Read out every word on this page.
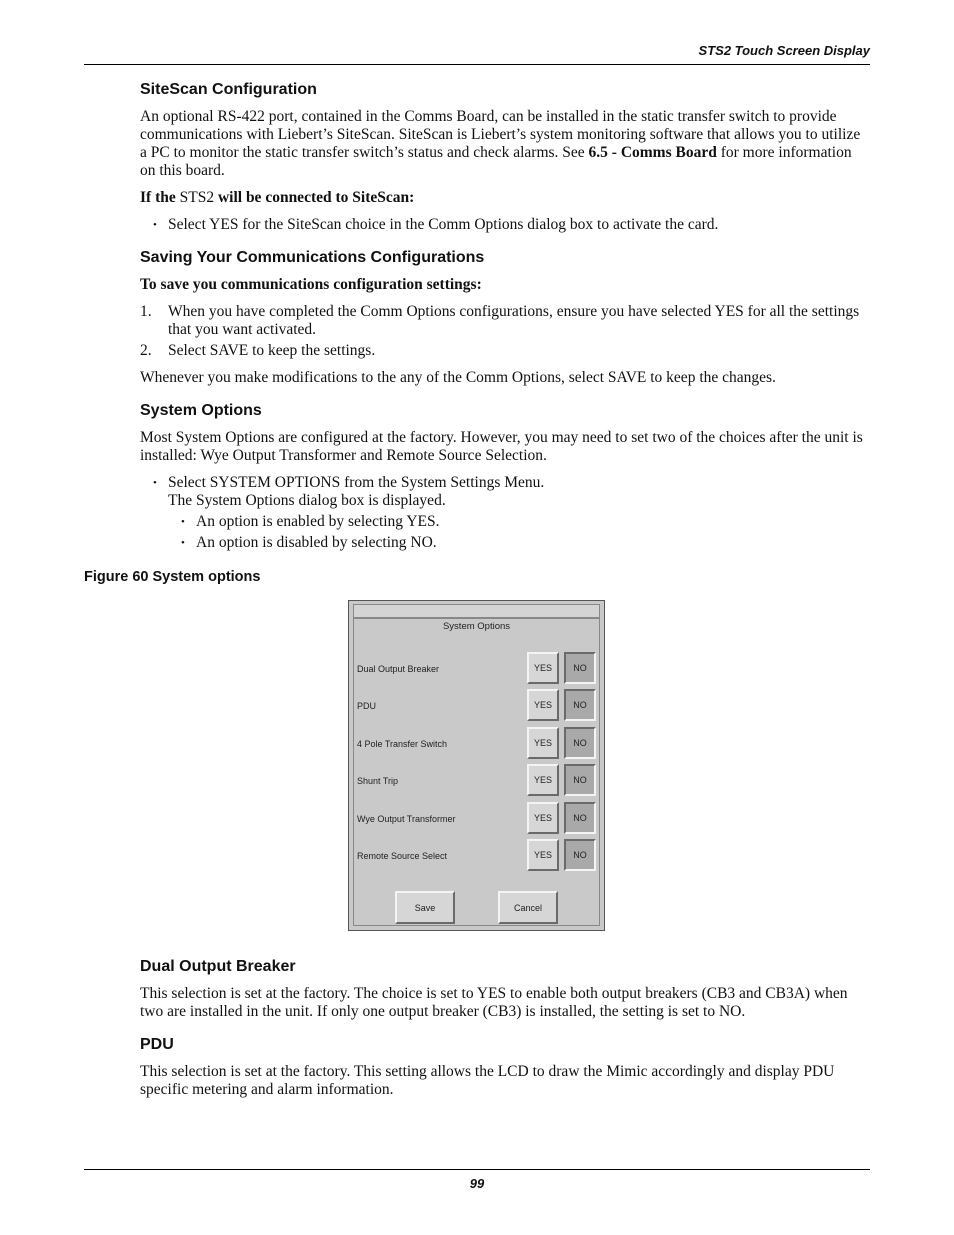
STS2 Touch Screen Display
SiteScan Configuration

An optional RS-422 port, contained in the Comms Board, can be installed in the static transfer switch to provide communications with Liebert’s SiteScan. SiteScan is Liebert’s system monitoring software that allows you to utilize a PC to monitor the static transfer switch’s status and check alarms. See 6.5 - Comms Board for more information on this board.

If the STS2 will be connected to SiteScan:

• Select YES for the SiteScan choice in the Comm Options dialog box to activate the card.
Saving Your Communications Configurations

To save you communications configuration settings:

1. When you have completed the Comm Options configurations, ensure you have selected YES for all the settings that you want activated.
2. Select SAVE to keep the settings.

Whenever you make modifications to the any of the Comm Options, select SAVE to keep the changes.

System Options

Most System Options are configured at the factory. However, you may need to set two of the choices after the unit is installed: Wye Output Transformer and Remote Source Selection.

• Select SYSTEM OPTIONS from the System Settings Menu.
The System Options dialog box is displayed.
• An option is enabled by selecting YES.
• An option is disabled by selecting NO.
Figure 60 System options
System Options
Dual Output Breaker	YES	NO
PDU	YES	NO
4 Pole Transfer Switch	YES	NO
Shunt Trip	YES	NO
Wye Output Transformer	YES	NO
Remote Source Select	YES	NO
Save	Cancel
Dual Output Breaker

This selection is set at the factory. The choice is set to YES to enable both output breakers (CB3 and CB3A) when two are installed in the unit. If only one output breaker (CB3) is installed, the setting is set to NO.

PDU

This selection is set at the factory. This setting allows the LCD to draw the Mimic accordingly and display PDU specific metering and alarm information.

99
